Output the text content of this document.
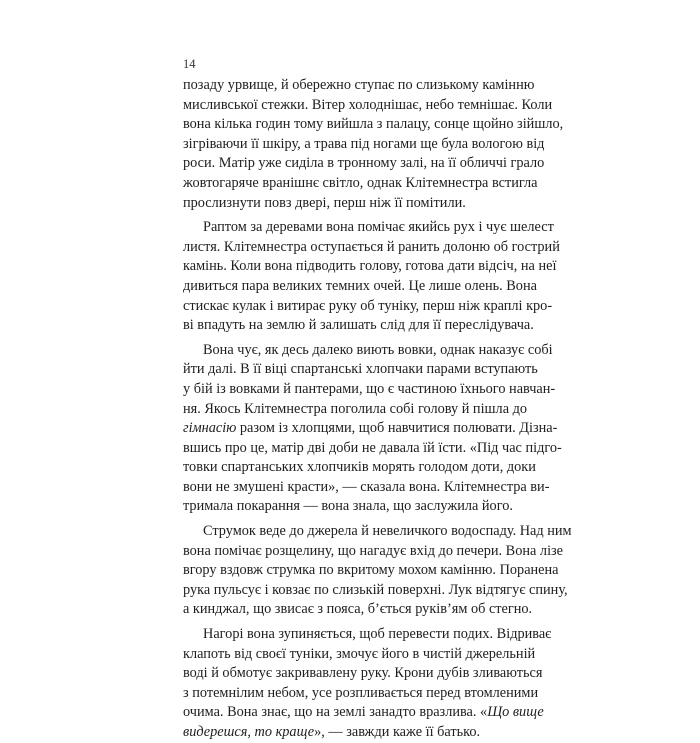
14
позаду урвище, й обережно ступає по слизькому камінню
мисливської стежки. Вітер холоднішає, небо темнішає. Коли
вона кілька годин тому вийшла з палацу, сонце щойно зійшло,
зігріваючи її шкіру, а трава під ногами ще була вологою від
роси. Матір уже сиділа в тронному залі, на її обличчі грало
жовтогаряче вранішнє світло, однак Клітемнестра встигла
прослизнути повз двері, перш ніж її помітили.
Раптом за деревами вона помічає якийсь рух і чує шелест
листя. Клітемнестра оступається й ранить долоню об гострий
камінь. Коли вона підводить голову, готова дати відсіч, на неї
дивиться пара великих темних очей. Це лише олень. Вона
стискає кулак і витирає руку об туніку, перш ніж краплі кро-
ві впадуть на землю й залишать слід для її переслідувача.
Вона чує, як десь далеко виють вовки, однак наказує собі
йти далі. В її віці спартанські хлопчаки парами вступають
у бій із вовками й пантерами, що є частиною їхнього навчан-
ня. Якось Клітемнестра поголила собі голову й пішла до
гімнасію разом із хлопцями, щоб навчитися полювати. Дізна-
вшись про це, матір дві доби не давала їй їсти. «Під час підго-
товки спартанських хлопчиків морять голодом доти, доки
вони не змушені красти», — сказала вона. Клітемнестра ви-
тримала покарання — вона знала, що заслужила його.
Струмок веде до джерела й невеличкого водоспаду. Над ним
вона помічає розщелину, що нагадує вхід до печери. Вона лізе
вгору вздовж струмка по вкритому мохом камінню. Поранена
рука пульсує і ковзає по слизькій поверхні. Лук відтягує спину,
а кинджал, що звисає з пояса, б’ється руків’ям об стегно.
Нагорі вона зупиняється, щоб перевести подих. Відриває
клапоть від своєї туніки, змочує його в чистій джерельній
воді й обмотує закривавлену руку. Крони дубів зливаються
з потемнілим небом, усе розпливається перед втомленими
очима. Вона знає, що на землі занадто вразлива. «Що вище
видерешся, то краще», — завжди каже її батько.
